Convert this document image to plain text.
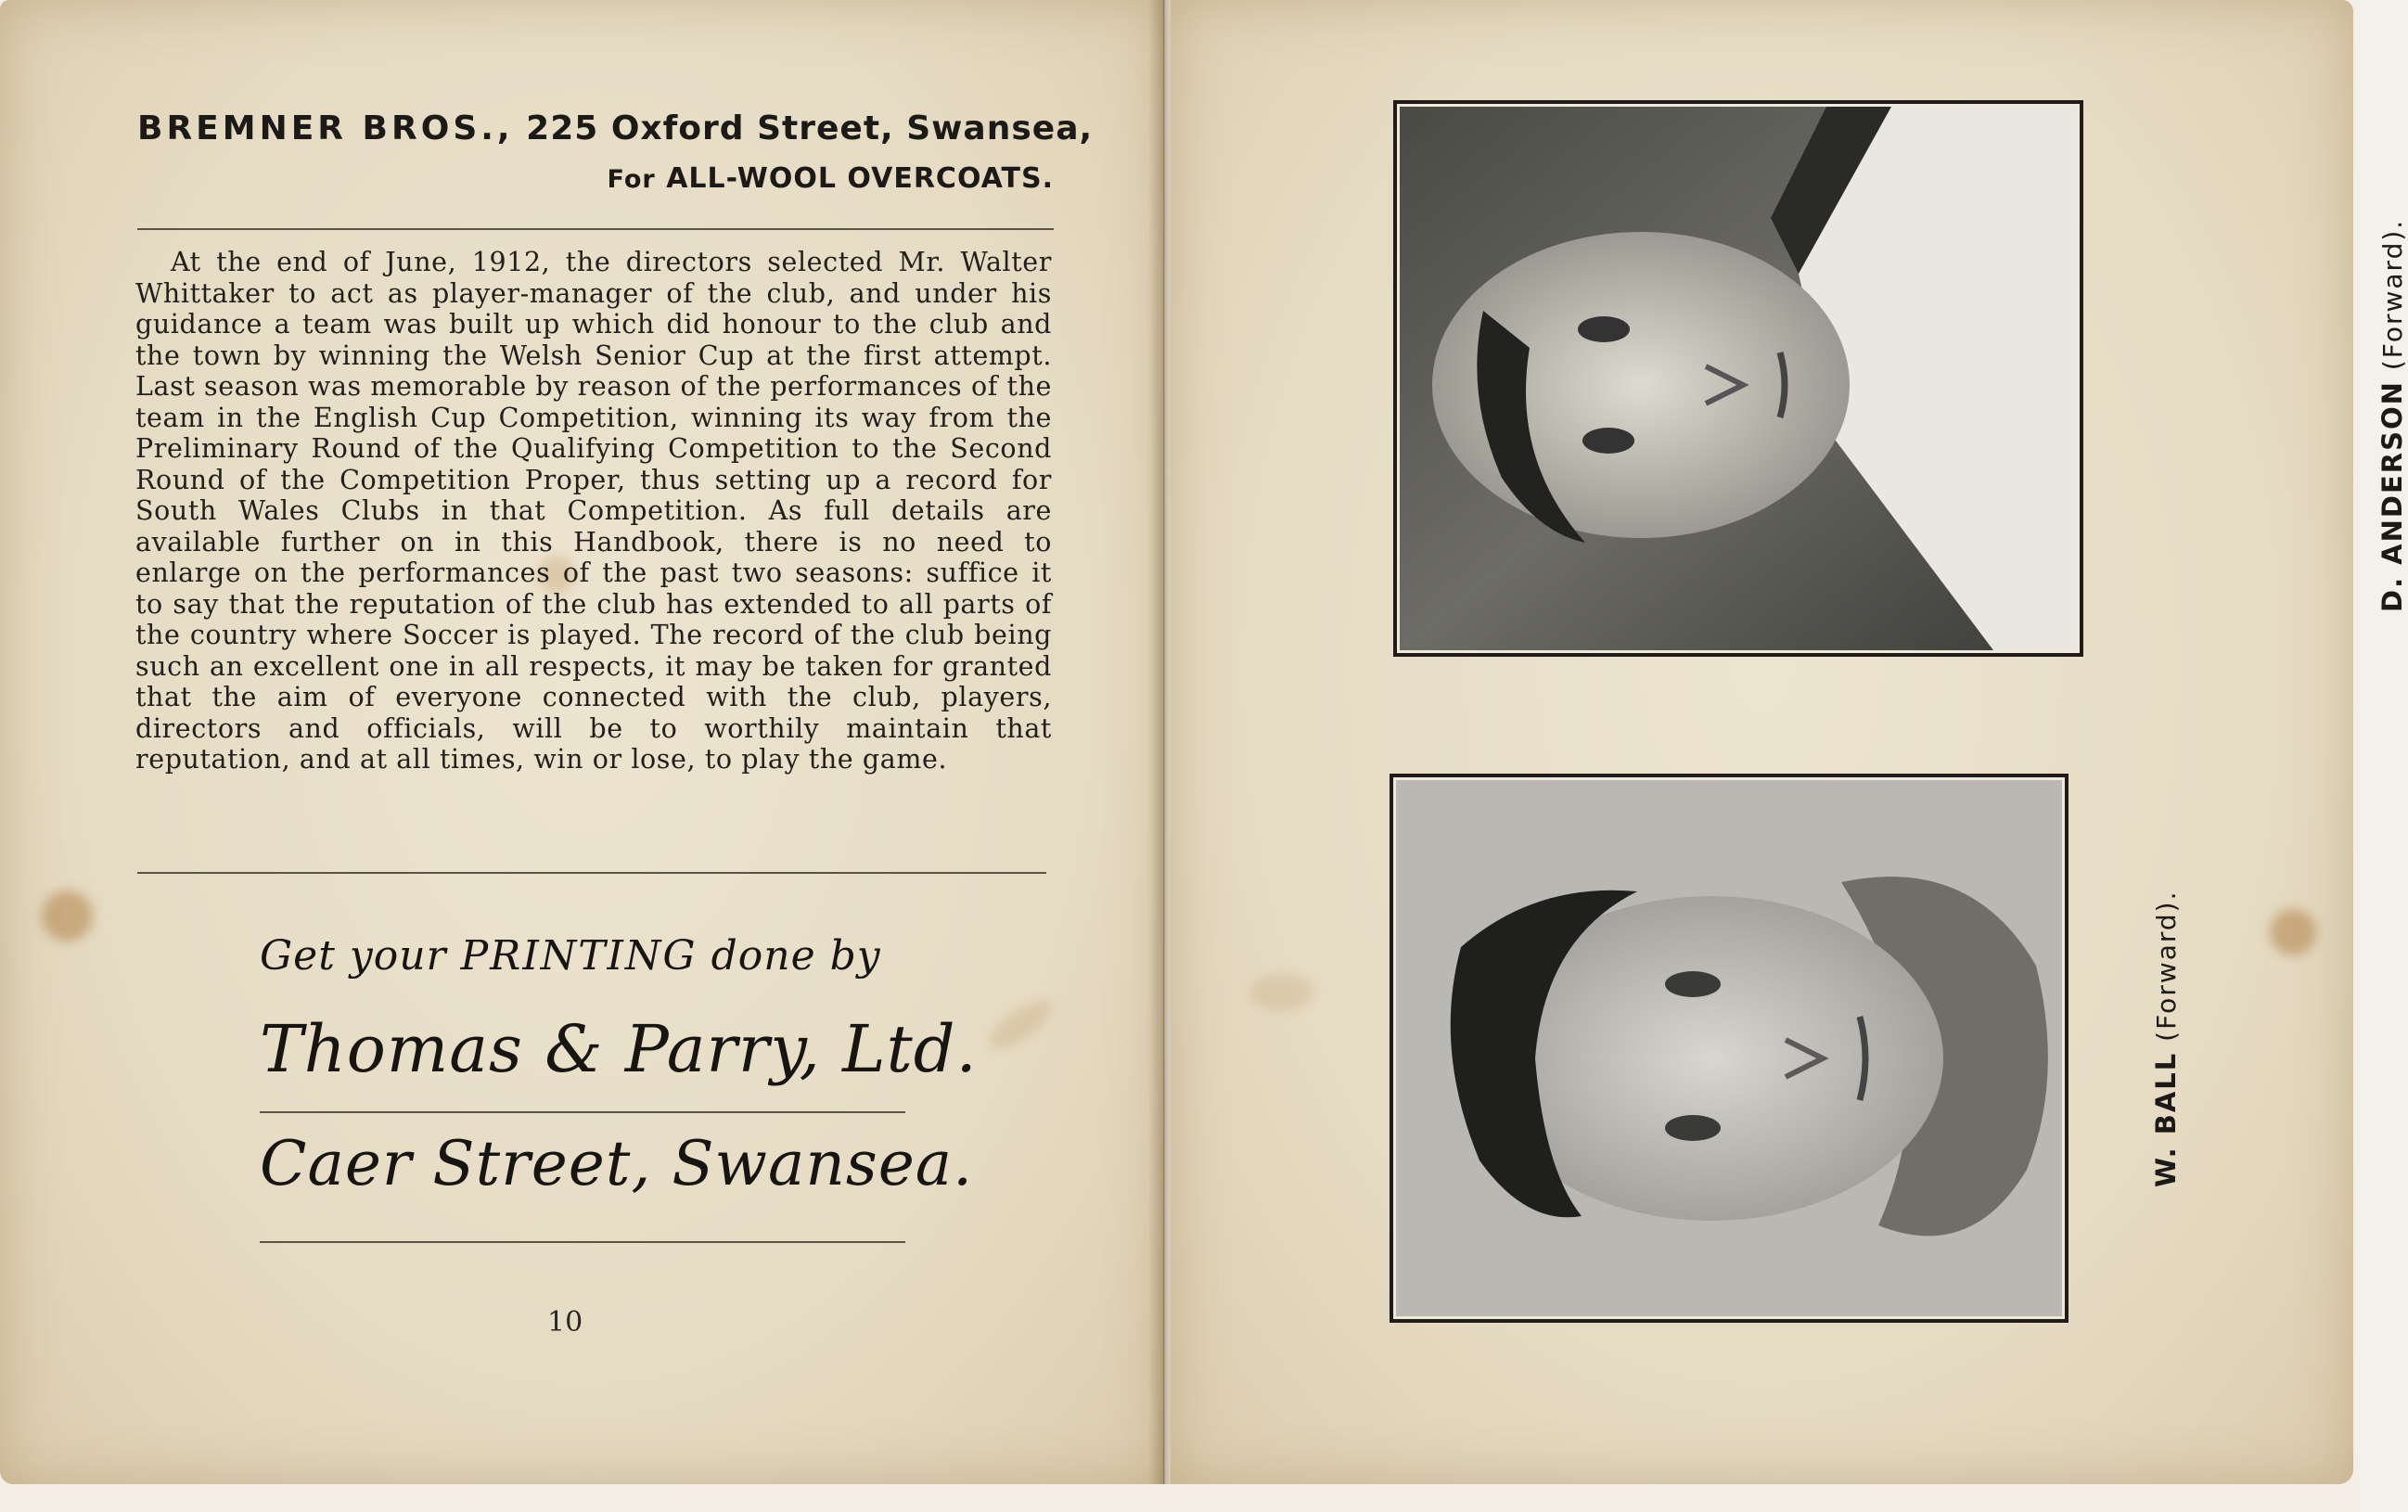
BREMNER BROS., 225 Oxford Street, Swansea,
For ALL-WOOL OVERCOATS.
At the end of June, 1912, the directors selected Mr. Walter Whittaker to act as player-manager of the club, and under his guidance a team was built up which did honour to the club and the town by winning the Welsh Senior Cup at the first attempt. Last season was memorable by reason of the performances of the team in the English Cup Competition, winning its way from the Preliminary Round of the Qualifying Competition to the Second Round of the Competition Proper, thus setting up a record for South Wales Clubs in that Competition. As full details are available further on in this Handbook, there is no need to enlarge on the performances of the past two seasons: suffice it to say that the reputation of the club has extended to all parts of the country where Soccer is played. The record of the club being such an excellent one in all respects, it may be taken for granted that the aim of everyone connected with the club, players, directors and officials, will be to worthily maintain that reputation, and at all times, win or lose, to play the game.
Get your PRINTING done by
Thomas & Parry, Ltd.
Caer Street, Swansea.
10
D. ANDERSON (Forward).
W. BALL (Forward).
